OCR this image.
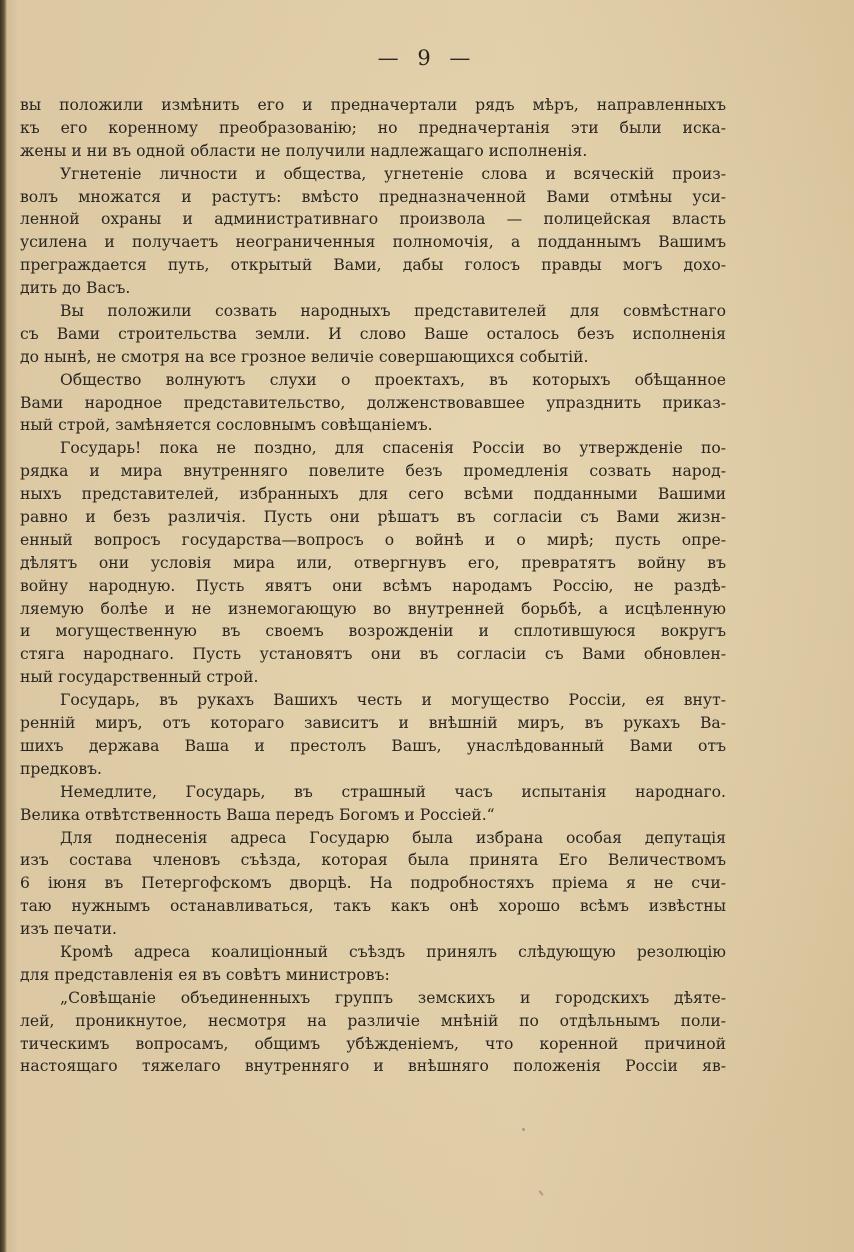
— 9 —
вы положили измѣнить его и предначертали рядъ мѣръ, направленныхъ
къ его коренному преобразованію; но предначертанія эти были иска-
жены и ни въ одной области не получили надлежащаго исполненія.
Угнетеніе личности и общества, угнетеніе слова и всяческій произ-
волъ множатся и растутъ: вмѣсто предназначенной Вами отмѣны уси-
ленной охраны и административнаго произвола — полицейская власть
усилена и получаетъ неограниченныя полномочія, а подданнымъ Вашимъ
преграждается путь, открытый Вами, дабы голосъ правды могъ дохо-
дить до Васъ.
Вы положили созвать народныхъ представителей для совмѣстнаго
съ Вами строительства земли. И слово Ваше осталось безъ исполненія
до нынѣ, не смотря на все грозное величіе совершающихся событій.
Общество волнуютъ слухи о проектахъ, въ которыхъ обѣщанное
Вами народное представительство, долженствовавшее упразднить приказ-
ный строй, замѣняется сословнымъ совѣщаніемъ.
Государь! пока не поздно, для спасенія Россіи во утвержденіе по-
рядка и мира внутренняго повелите безъ промедленія созвать народ-
ныхъ представителей, избранныхъ для сего всѣми подданными Вашими
равно и безъ различія. Пусть они рѣшатъ въ согласіи съ Вами жизн-
енный вопросъ государства—вопросъ о войнѣ и о мирѣ; пусть опре-
дѣлятъ они условія мира или, отвергнувъ его, превратятъ войну въ
войну народную. Пусть явятъ они всѣмъ народамъ Россію, не раздѣ-
ляемую болѣе и не изнемогающую во внутренней борьбѣ, а исцѣленную
и могущественную въ своемъ возрожденіи и сплотившуюся вокругъ
стяга народнаго. Пусть установятъ они въ согласіи съ Вами обновлен-
ный государственный строй.
Государь, въ рукахъ Вашихъ честь и могущество Россіи, ея внут-
ренній миръ, отъ котораго зависитъ и внѣшній миръ, въ рукахъ Ва-
шихъ держава Ваша и престолъ Вашъ, унаслѣдованный Вами отъ
предковъ.
Немедлите, Государь, въ страшный часъ испытанія народнаго.
Велика отвѣтственность Ваша передъ Богомъ и Россіей.“
Для поднесенія адреса Государю была избрана особая депутація
изъ состава членовъ съѣзда, которая была принята Его Величествомъ
6 іюня въ Петергофскомъ дворцѣ. На подробностяхъ пріема я не счи-
таю нужнымъ останавливаться, такъ какъ онѣ хорошо всѣмъ извѣстны
изъ печати.
Кромѣ адреса коалиціонный съѣздъ принялъ слѣдующую резолюцію
для представленія ея въ совѣтъ министровъ:
„Совѣщаніе объединенныхъ группъ земскихъ и городскихъ дѣяте-
лей, проникнутое, несмотря на различіе мнѣній по отдѣльнымъ поли-
тическимъ вопросамъ, общимъ убѣжденіемъ, что коренной причиной
настоящаго тяжелаго внутренняго и внѣшняго положенія Россіи яв-
